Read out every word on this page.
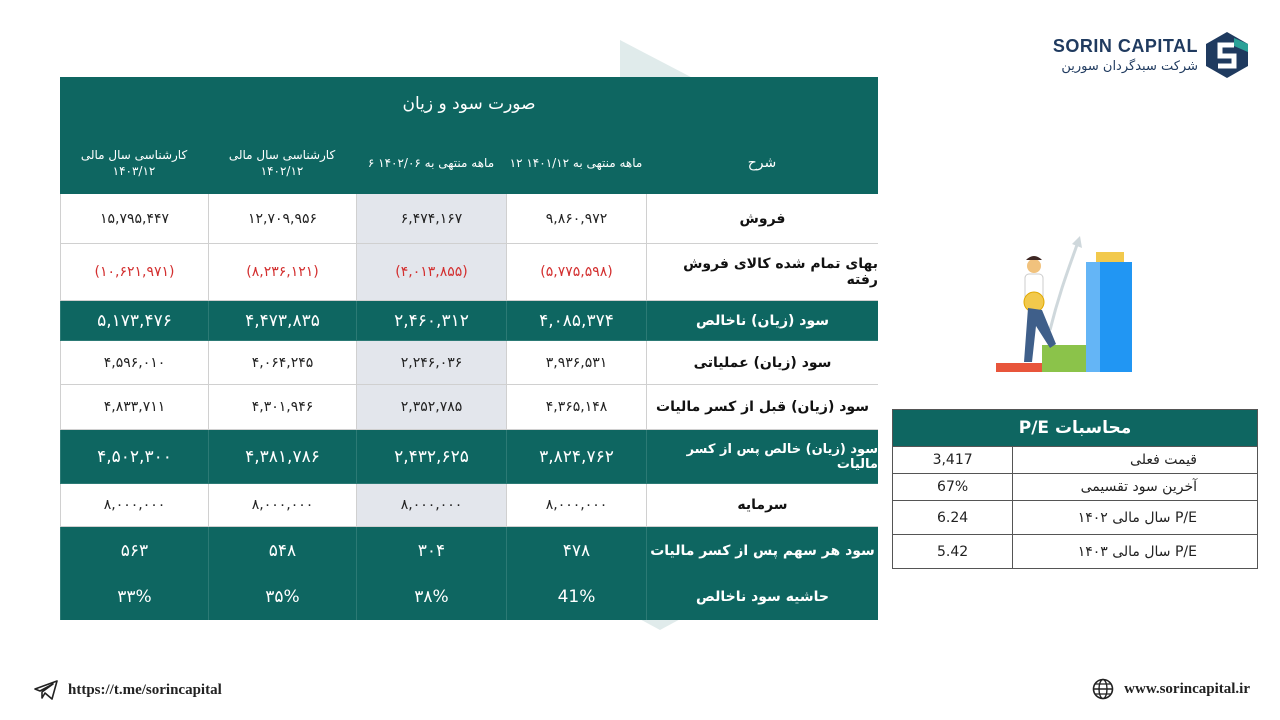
SORIN CAPITAL
شرکت سبدگردان سورین
صورت سود و زیان
شرح
۱۲ ماهه منتهی به ۱۴۰۱/۱۲
۶ ماهه منتهی به ۱۴۰۲/۰۶
کارشناسی سال مالی ۱۴۰۲/۱۲
کارشناسی سال مالی ۱۴۰۳/۱۲
فروش
۹,۸۶۰,۹۷۲
۶,۴۷۴,۱۶۷
۱۲,۷۰۹,۹۵۶
۱۵,۷۹۵,۴۴۷
بهای تمام شده کالای فروش رفته
(۵,۷۷۵,۵۹۸)
(۴,۰۱۳,۸۵۵)
(۸,۲۳۶,۱۲۱)
(۱۰,۶۲۱,۹۷۱)
سود (زیان) ناخالص
۴,۰۸۵,۳۷۴
۲,۴۶۰,۳۱۲
۴,۴۷۳,۸۳۵
۵,۱۷۳,۴۷۶
سود (زیان) عملیاتی
۳,۹۳۶,۵۳۱
۲,۲۴۶,۰۳۶
۴,۰۶۴,۲۴۵
۴,۵۹۶,۰۱۰
سود (زیان) قبل از کسر مالیات
۴,۳۶۵,۱۴۸
۲,۳۵۲,۷۸۵
۴,۳۰۱,۹۴۶
۴,۸۳۳,۷۱۱
سود (زیان) خالص پس از کسر مالیات
۳,۸۲۴,۷۶۲
۲,۴۳۲,۶۲۵
۴,۳۸۱,۷۸۶
۴,۵۰۲,۳۰۰
سرمایه
۸,۰۰۰,۰۰۰
۸,۰۰۰,۰۰۰
۸,۰۰۰,۰۰۰
۸,۰۰۰,۰۰۰
سود هر سهم پس از کسر مالیات
۴۷۸
۳۰۴
۵۴۸
۵۶۳
حاشیه سود ناخالص
41%
۳۸%
۳۵%
۳۳%
محاسبات P/E
قیمت فعلی
3,417
آخرین سود تقسیمی
67%
P/E سال مالی ۱۴۰۲
6.24
P/E سال مالی ۱۴۰۳
5.42
https://t.me/sorincapital	www.sorincapital.ir
